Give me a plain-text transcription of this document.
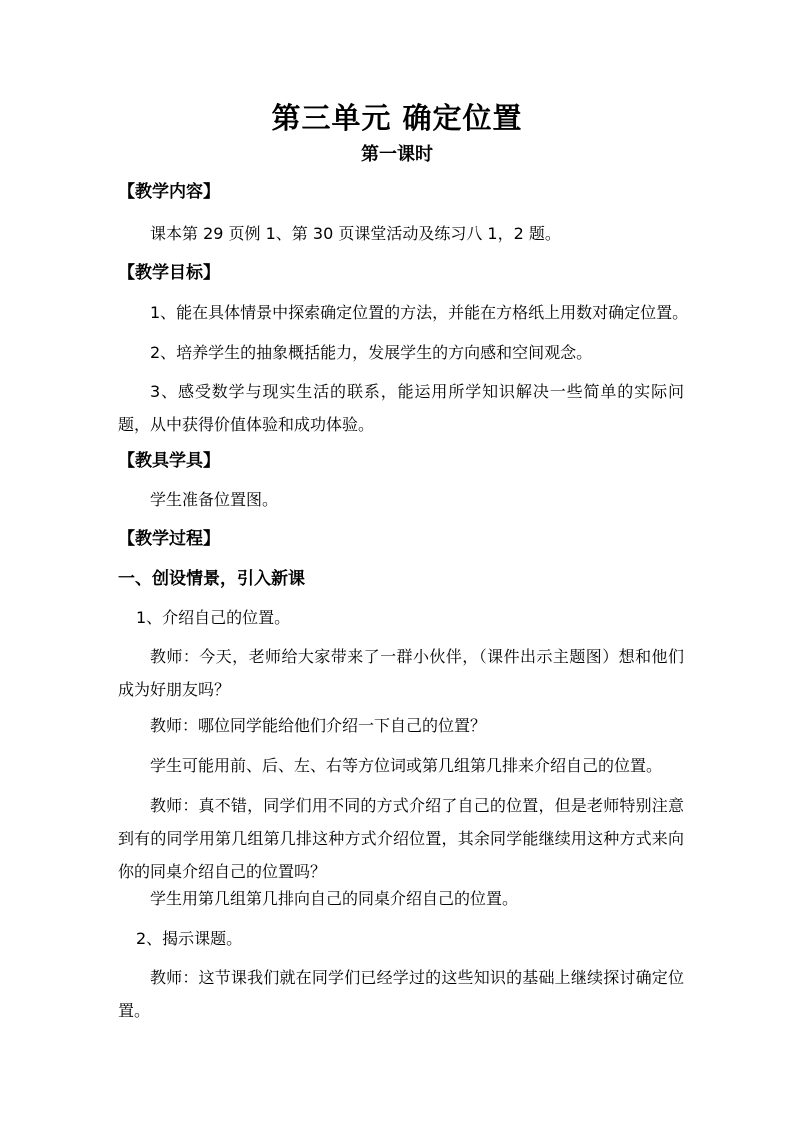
第三单元 确定位置
第一课时
【教学内容】
课本第 29 页例 1、第 30 页课堂活动及练习八 1，2 题。
【教学目标】
1、能在具体情景中探索确定位置的方法，并能在方格纸上用数对确定位置。
2、培养学生的抽象概括能力，发展学生的方向感和空间观念。
3、感受数学与现实生活的联系，能运用所学知识解决一些简单的实际问题，从中获得价值体验和成功体验。
【教具学具】
学生准备位置图。
【教学过程】
一、创设情景，引入新课
1、介绍自己的位置。
教师：今天，老师给大家带来了一群小伙伴，（课件出示主题图）想和他们成为好朋友吗？
教师：哪位同学能给他们介绍一下自己的位置？
学生可能用前、后、左、右等方位词或第几组第几排来介绍自己的位置。
教师：真不错，同学们用不同的方式介绍了自己的位置，但是老师特别注意到有的同学用第几组第几排这种方式介绍位置，其余同学能继续用这种方式来向你的同桌介绍自己的位置吗？
学生用第几组第几排向自己的同桌介绍自己的位置。
2、揭示课题。
教师：这节课我们就在同学们已经学过的这些知识的基础上继续探讨确定位置。
